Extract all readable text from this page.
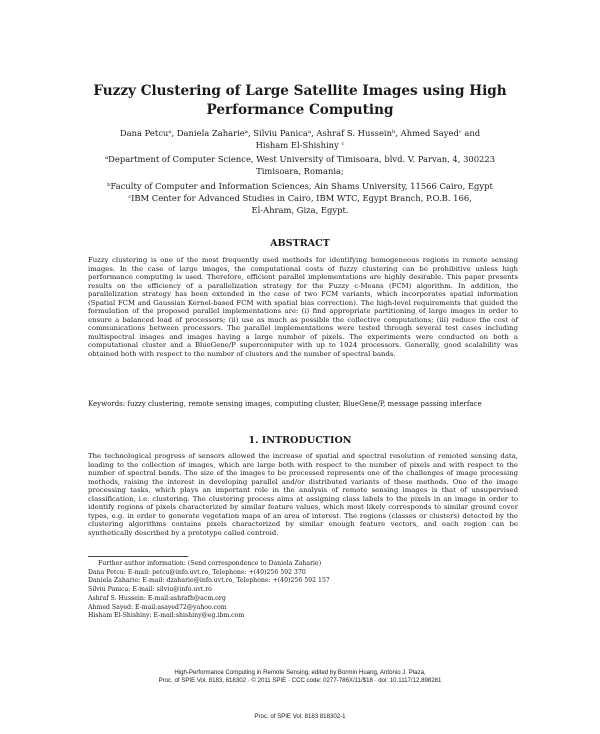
Fuzzy Clustering of Large Satellite Images using High
Performance Computing
Dana Petcuᵃ, Daniela Zaharieᵃ, Silviu Panicaᵃ, Ashraf S. Husseinᵇ, Ahmed Sayedᶜ and
Hisham El-Shishiny ᶜ
ᵃDepartment of Computer Science, West University of Timisoara, blvd. V. Parvan, 4, 300223
Timisoara, Romania;
ᵇFaculty of Computer and Information Sciences, Ain Shams University, 11566 Cairo, Egypt
ᶜIBM Center for Advanced Studies in Cairo, IBM WTC, Egypt Branch, P.O.B. 166,
El-Ahram, Giza, Egypt.
ABSTRACT
Fuzzy clustering is one of the most frequently used methods for identifying homogeneous regions in remote sensing images. In the case of large images, the computational costs of fuzzy clustering can be prohibitive unless high performance computing is used. Therefore, efficient parallel implementations are highly desirable. This paper presents results on the efficiency of a parallelization strategy for the Fuzzy c-Means (FCM) algorithm. In addition, the parallelization strategy has been extended in the case of two FCM variants, which incorporates spatial information (Spatial FCM and Gaussian Kernel-based FCM with spatial bias correction). The high-level requirements that guided the formulation of the proposed parallel implementations are: (i) find appropriate partitioning of large images in order to ensure a balanced load of processors; (ii) use as much as possible the collective computations; (iii) reduce the cost of communications between processors. The parallel implementations were tested through several test cases including multispectral images and images having a large number of pixels. The experiments were conducted on both a computational cluster and a BlueGene/P supercomputer with up to 1024 processors. Generally, good scalability was obtained both with respect to the number of clusters and the number of spectral bands.
Keywords: fuzzy clustering, remote sensing images, computing cluster, BlueGene/P, message passing interface
1. INTRODUCTION
The technological progress of sensors allowed the increase of spatial and spectral resolution of remoted sensing data, leading to the collection of images, which are large both with respect to the number of pixels and with respect to the number of spectral bands. The size of the images to be processed represents one of the challenges of image processing methods, raising the interest in developing parallel and/or distributed variants of these methods. One of the image processing tasks, which plays an important role in the analysis of remote sensing images is that of unsupervised classification, i.e. clustering. The clustering process aims at assigning class labels to the pixels in an image in order to identify regions of pixels characterized by similar feature values, which most likely corresponds to similar ground cover types, e.g. in order to generate vegetation maps of an area of interest. The regions (classes or clusters) detected by the clustering algorithms contains pixels characterized by similar enough feature vectors, and each region can be synthetically described by a prototype called centroid.
Further author information: (Send correspondence to Daniela Zaharie)
Dana Petcu: E-mail: petcu@info.uvt.ro, Telephone: +(40)256 592 370
Daniela Zaharie: E-mail: dzaharie@info.uvt.ro, Telephone: +(40)256 592 157
Silviu Panica: E-mail: silviu@info.uvt.ro
Ashraf S. Hussein: E-mail:ashrafh@acm.org
Ahmed Sayed: E-mail:asayed72@yahoo.com
Hisham El-Shishiny: E-mail:shishiny@eg.ibm.com
High-Performance Computing in Remote Sensing, edited by Bormin Huang, Antonio J. Plaza,
Proc. of SPIE Vol. 8183, 818302 · © 2011 SPIE · CCC code: 0277-786X/11/$18 · doi: 10.1117/12.898281
Proc. of SPIE Vol. 8183 818302-1
